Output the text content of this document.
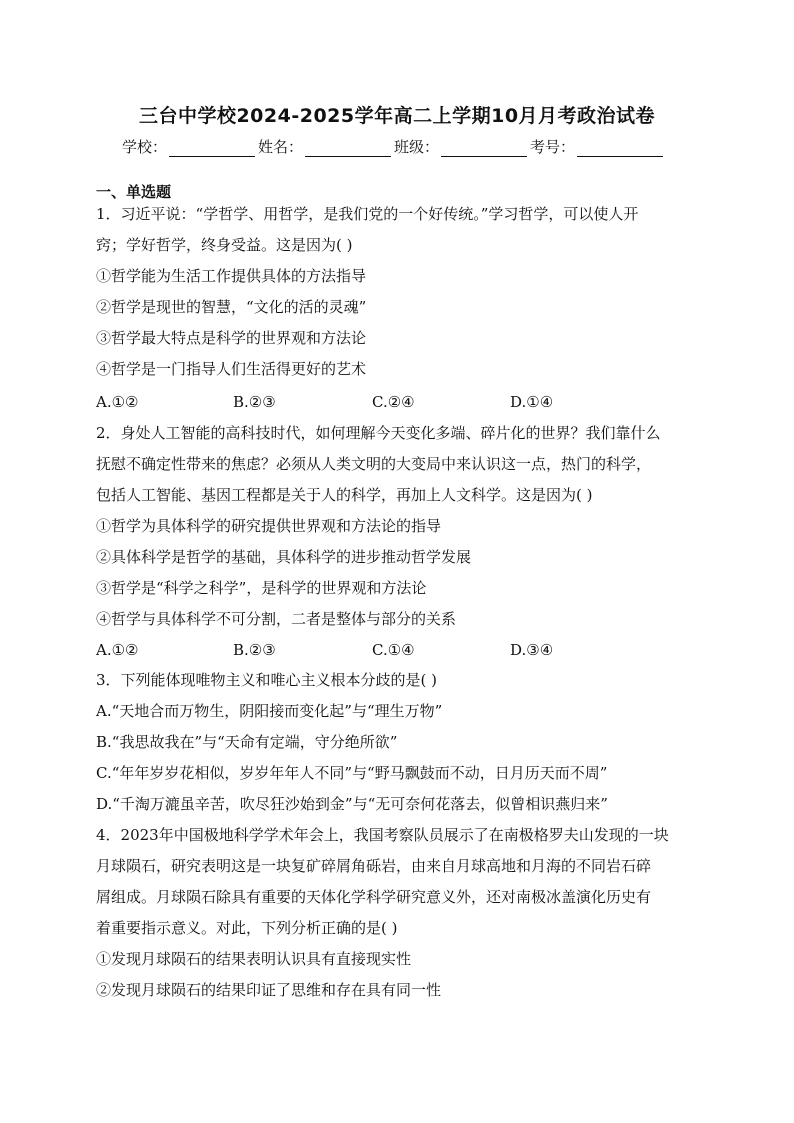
三台中学校2024-2025学年高二上学期10月月考政治试卷
学校：	姓名：	班级：	考号：
一、单选题
1．习近平说：“学哲学、用哲学，是我们党的一个好传统。”学习哲学，可以使人开
窍；学好哲学，终身受益。这是因为( )
①哲学能为生活工作提供具体的方法指导
②哲学是现世的智慧，“文化的活的灵魂”
③哲学最大特点是科学的世界观和方法论
④哲学是一门指导人们生活得更好的艺术
A.①②	B.②③	C.②④	D.①④
2．身处人工智能的高科技时代，如何理解今天变化多端、碎片化的世界？我们靠什么
抚慰不确定性带来的焦虑？必须从人类文明的大变局中来认识这一点，热门的科学，
包括人工智能、基因工程都是关于人的科学，再加上人文科学。这是因为( )
①哲学为具体科学的研究提供世界观和方法论的指导
②具体科学是哲学的基础，具体科学的进步推动哲学发展
③哲学是“科学之科学”，是科学的世界观和方法论
④哲学与具体科学不可分割，二者是整体与部分的关系
A.①②	B.②③	C.①④	D.③④
3．下列能体现唯物主义和唯心主义根本分歧的是( )
A.“天地合而万物生，阴阳接而变化起”与“理生万物”
B.“我思故我在”与“天命有定端，守分绝所欲”
C.“年年岁岁花相似，岁岁年年人不同”与“野马飘鼓而不动，日月历天而不周”
D.“千淘万漉虽辛苦，吹尽狂沙始到金”与“无可奈何花落去，似曾相识燕归来”
4．2023年中国极地科学学术年会上，我国考察队员展示了在南极格罗夫山发现的一块
月球陨石，研究表明这是一块复矿碎屑角砾岩，由来自月球高地和月海的不同岩石碎
屑组成。月球陨石除具有重要的天体化学科学研究意义外，还对南极冰盖演化历史有
着重要指示意义。对此，下列分析正确的是( )
①发现月球陨石的结果表明认识具有直接现实性
②发现月球陨石的结果印证了思维和存在具有同一性
